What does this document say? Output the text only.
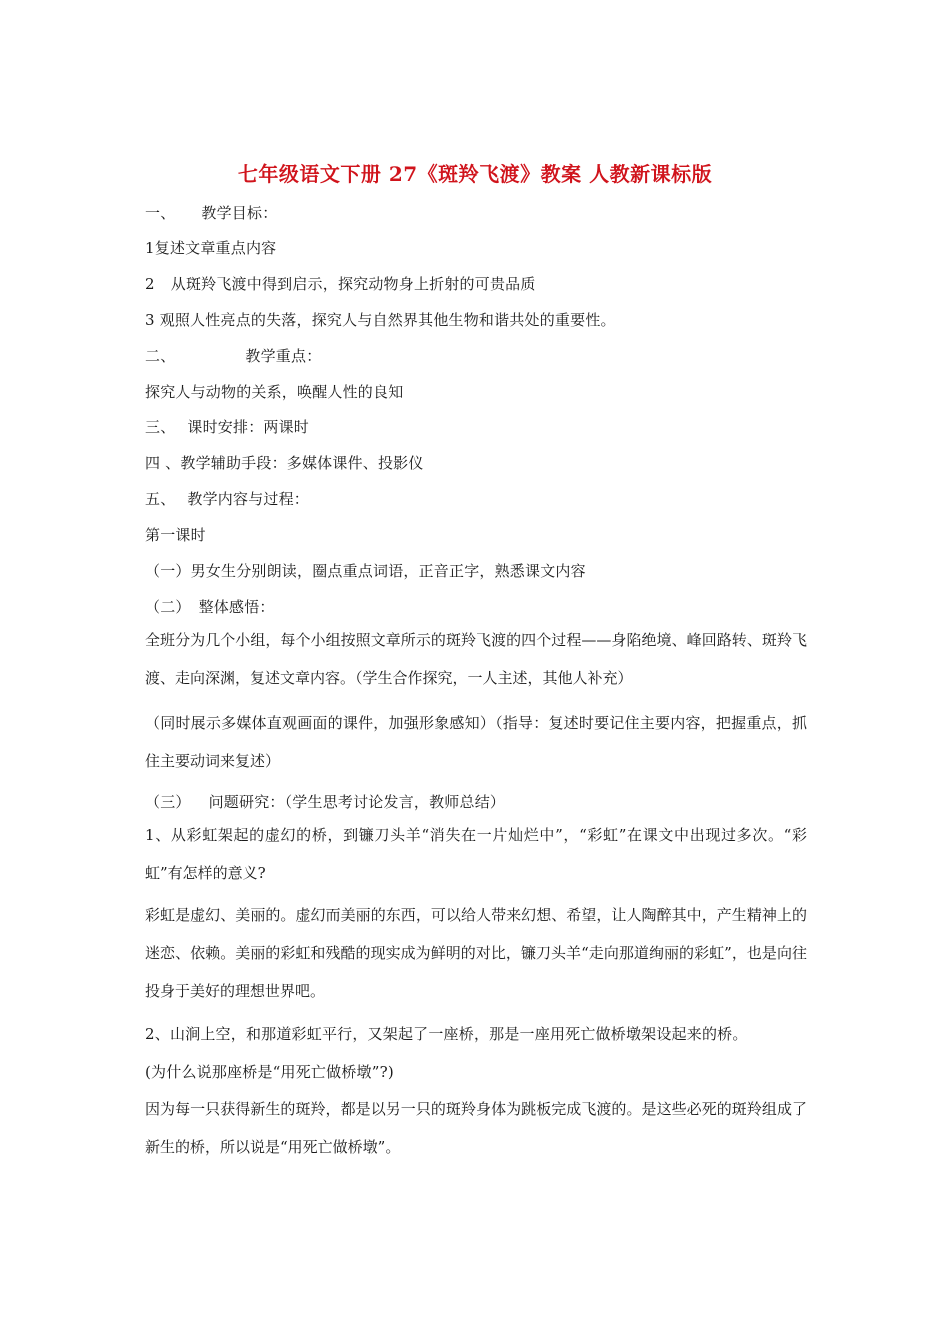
七年级语文下册 27《斑羚飞渡》教案 人教新课标版
一、 教学目标：
1复述文章重点内容
2 从斑羚飞渡中得到启示，探究动物身上折射的可贵品质
3 观照人性亮点的失落，探究人与自然界其他生物和谐共处的重要性。
二、	教学重点：
探究人与动物的关系，唤醒人性的良知
三、 课时安排：两课时
四 、教学辅助手段：多媒体课件、投影仪
五、 教学内容与过程：
第一课时
（一）男女生分别朗读，圈点重点词语，正音正字，熟悉课文内容
（二） 整体感悟：
全班分为几个小组，每个小组按照文章所示的斑羚飞渡的四个过程——身陷绝境、峰回路转、斑羚飞渡、走向深渊，复述文章内容。（学生合作探究，一人主述，其他人补充）
（同时展示多媒体直观画面的课件，加强形象感知）（指导：复述时要记住主要内容，把握重点，抓住主要动词来复述）
（三） 问题研究：（学生思考讨论发言，教师总结）
1、从彩虹架起的虚幻的桥，到镰刀头羊“消失在一片灿烂中”，“彩虹”在课文中出现过多次。“彩虹”有怎样的意义?
彩虹是虚幻、美丽的。虚幻而美丽的东西，可以给人带来幻想、希望，让人陶醉其中，产生精神上的迷恋、依赖。美丽的彩虹和残酷的现实成为鲜明的对比，镰刀头羊“走向那道绚丽的彩虹”，也是向往投身于美好的理想世界吧。
2、山涧上空，和那道彩虹平行，又架起了一座桥，那是一座用死亡做桥墩架设起来的桥。
(为什么说那座桥是“用死亡做桥墩”?)
因为每一只获得新生的斑羚，都是以另一只的斑羚身体为跳板完成飞渡的。是这些必死的斑羚组成了新生的桥，所以说是“用死亡做桥墩”。
